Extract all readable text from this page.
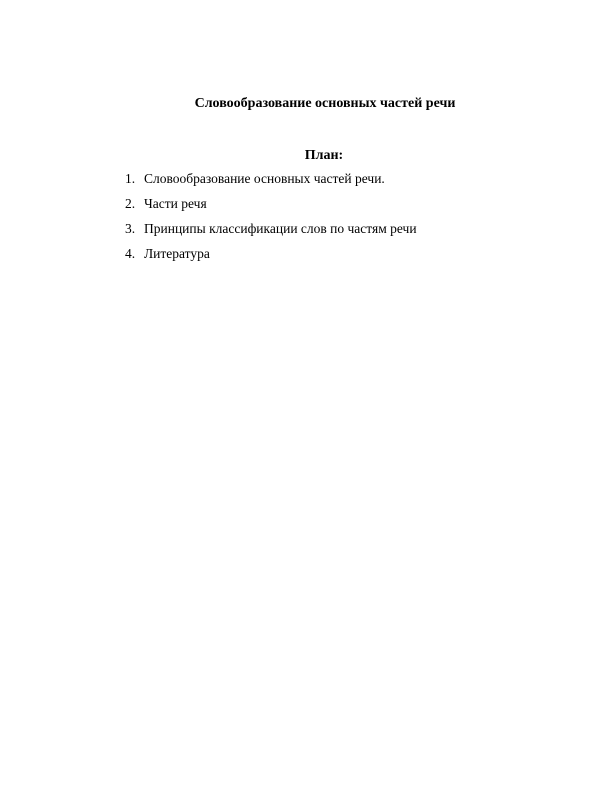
Словообразование основных частей речи
План:
1. Словообразование основных частей речи.
2. Части речя
3. Принципы классификации слов по частям речи
4. Литература
